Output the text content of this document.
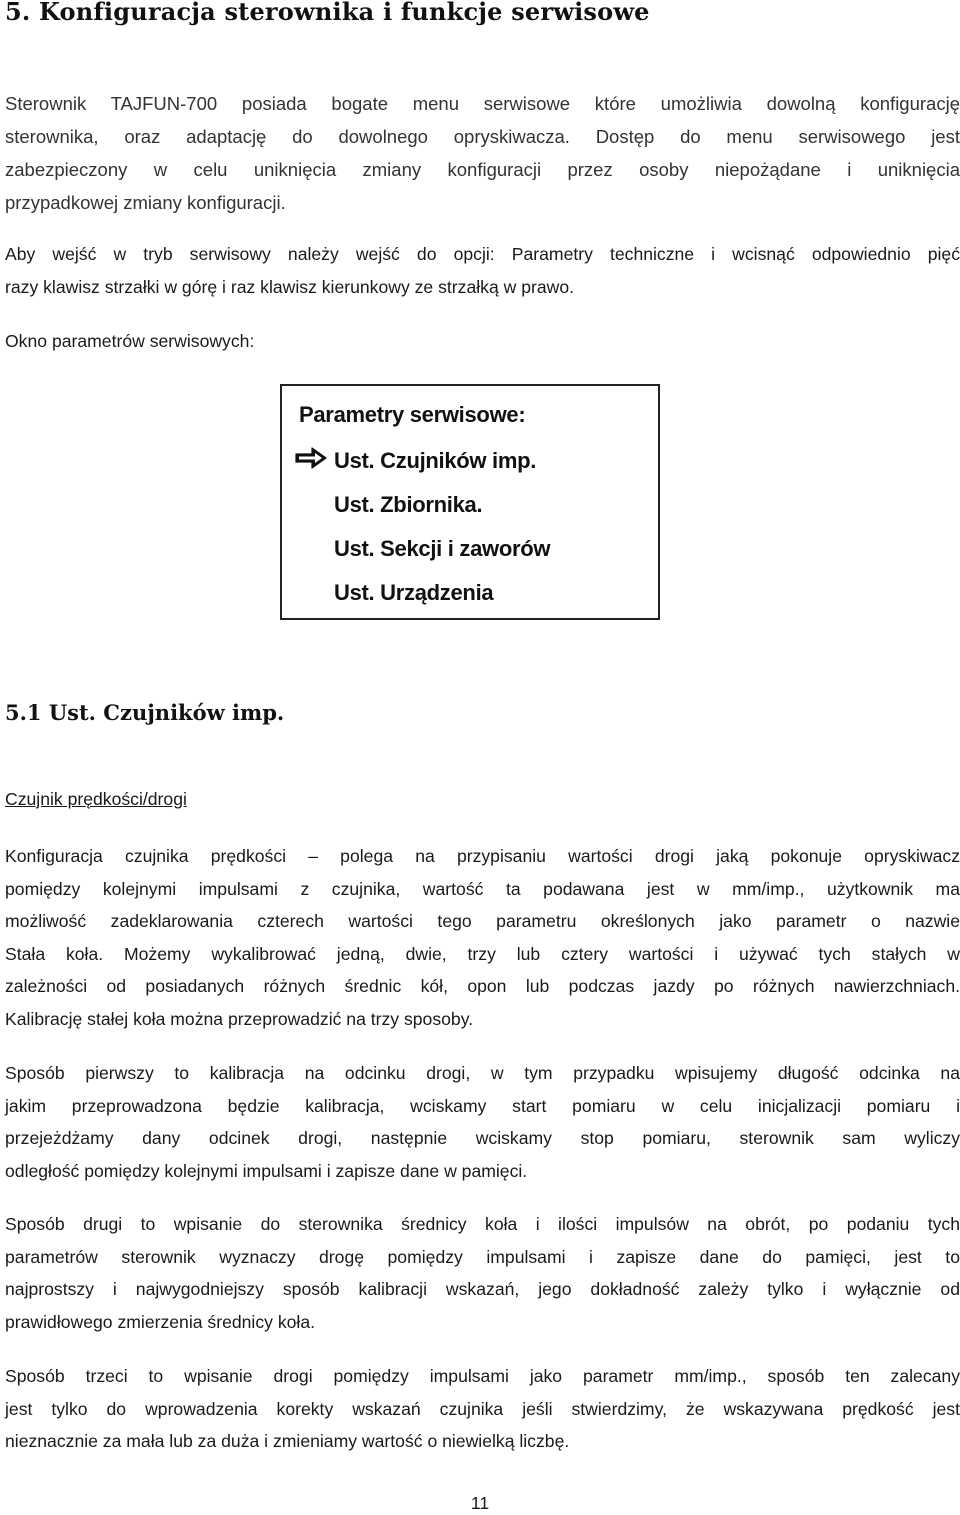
5. Konfiguracja sterownika i funkcje serwisowe
Sterownik TAJFUN-700 posiada bogate menu serwisowe które umożliwia dowolną konfigurację
sterownika, oraz adaptację do dowolnego opryskiwacza. Dostęp do menu serwisowego jest
zabezpieczony w celu uniknięcia zmiany konfiguracji przez osoby niepożądane i uniknięcia
przypadkowej zmiany konfiguracji.
Aby wejść w tryb serwisowy należy wejść do opcji: Parametry techniczne i wcisnąć odpowiednio pięć
razy klawisz strzałki w górę i raz klawisz kierunkowy ze strzałką w prawo.
Okno parametrów serwisowych:
Parametry serwisowe:
Ust. Czujników imp.
Ust. Zbiornika.
Ust. Sekcji i zaworów
Ust. Urządzenia
5.1 Ust. Czujników imp.
Czujnik prędkości/drogi
Konfiguracja czujnika prędkości – polega na przypisaniu wartości drogi jaką pokonuje opryskiwacz
pomiędzy kolejnymi impulsami z czujnika, wartość ta podawana jest w mm/imp., użytkownik ma
możliwość zadeklarowania czterech wartości tego parametru określonych jako parametr o nazwie
Stała koła. Możemy wykalibrować jedną, dwie, trzy lub cztery wartości i używać tych stałych w
zależności od posiadanych różnych średnic kół, opon lub podczas jazdy po różnych nawierzchniach.
Kalibrację stałej koła można przeprowadzić na trzy sposoby.
Sposób pierwszy to kalibracja na odcinku drogi, w tym przypadku wpisujemy długość odcinka na
jakim przeprowadzona będzie kalibracja, wciskamy start pomiaru w celu inicjalizacji pomiaru i
przejeżdżamy dany odcinek drogi, następnie wciskamy stop pomiaru, sterownik sam wyliczy
odległość pomiędzy kolejnymi impulsami i zapisze dane w pamięci.
Sposób drugi to wpisanie do sterownika średnicy koła i ilości impulsów na obrót, po podaniu tych
parametrów sterownik wyznaczy drogę pomiędzy impulsami i zapisze dane do pamięci, jest to
najprostszy i najwygodniejszy sposób kalibracji wskazań, jego dokładność zależy tylko i wyłącznie od
prawidłowego zmierzenia średnicy koła.
Sposób trzeci to wpisanie drogi pomiędzy impulsami jako parametr mm/imp., sposób ten zalecany
jest tylko do wprowadzenia korekty wskazań czujnika jeśli stwierdzimy, że wskazywana prędkość jest
nieznacznie za mała lub za duża i zmieniamy wartość o niewielką liczbę.
11
